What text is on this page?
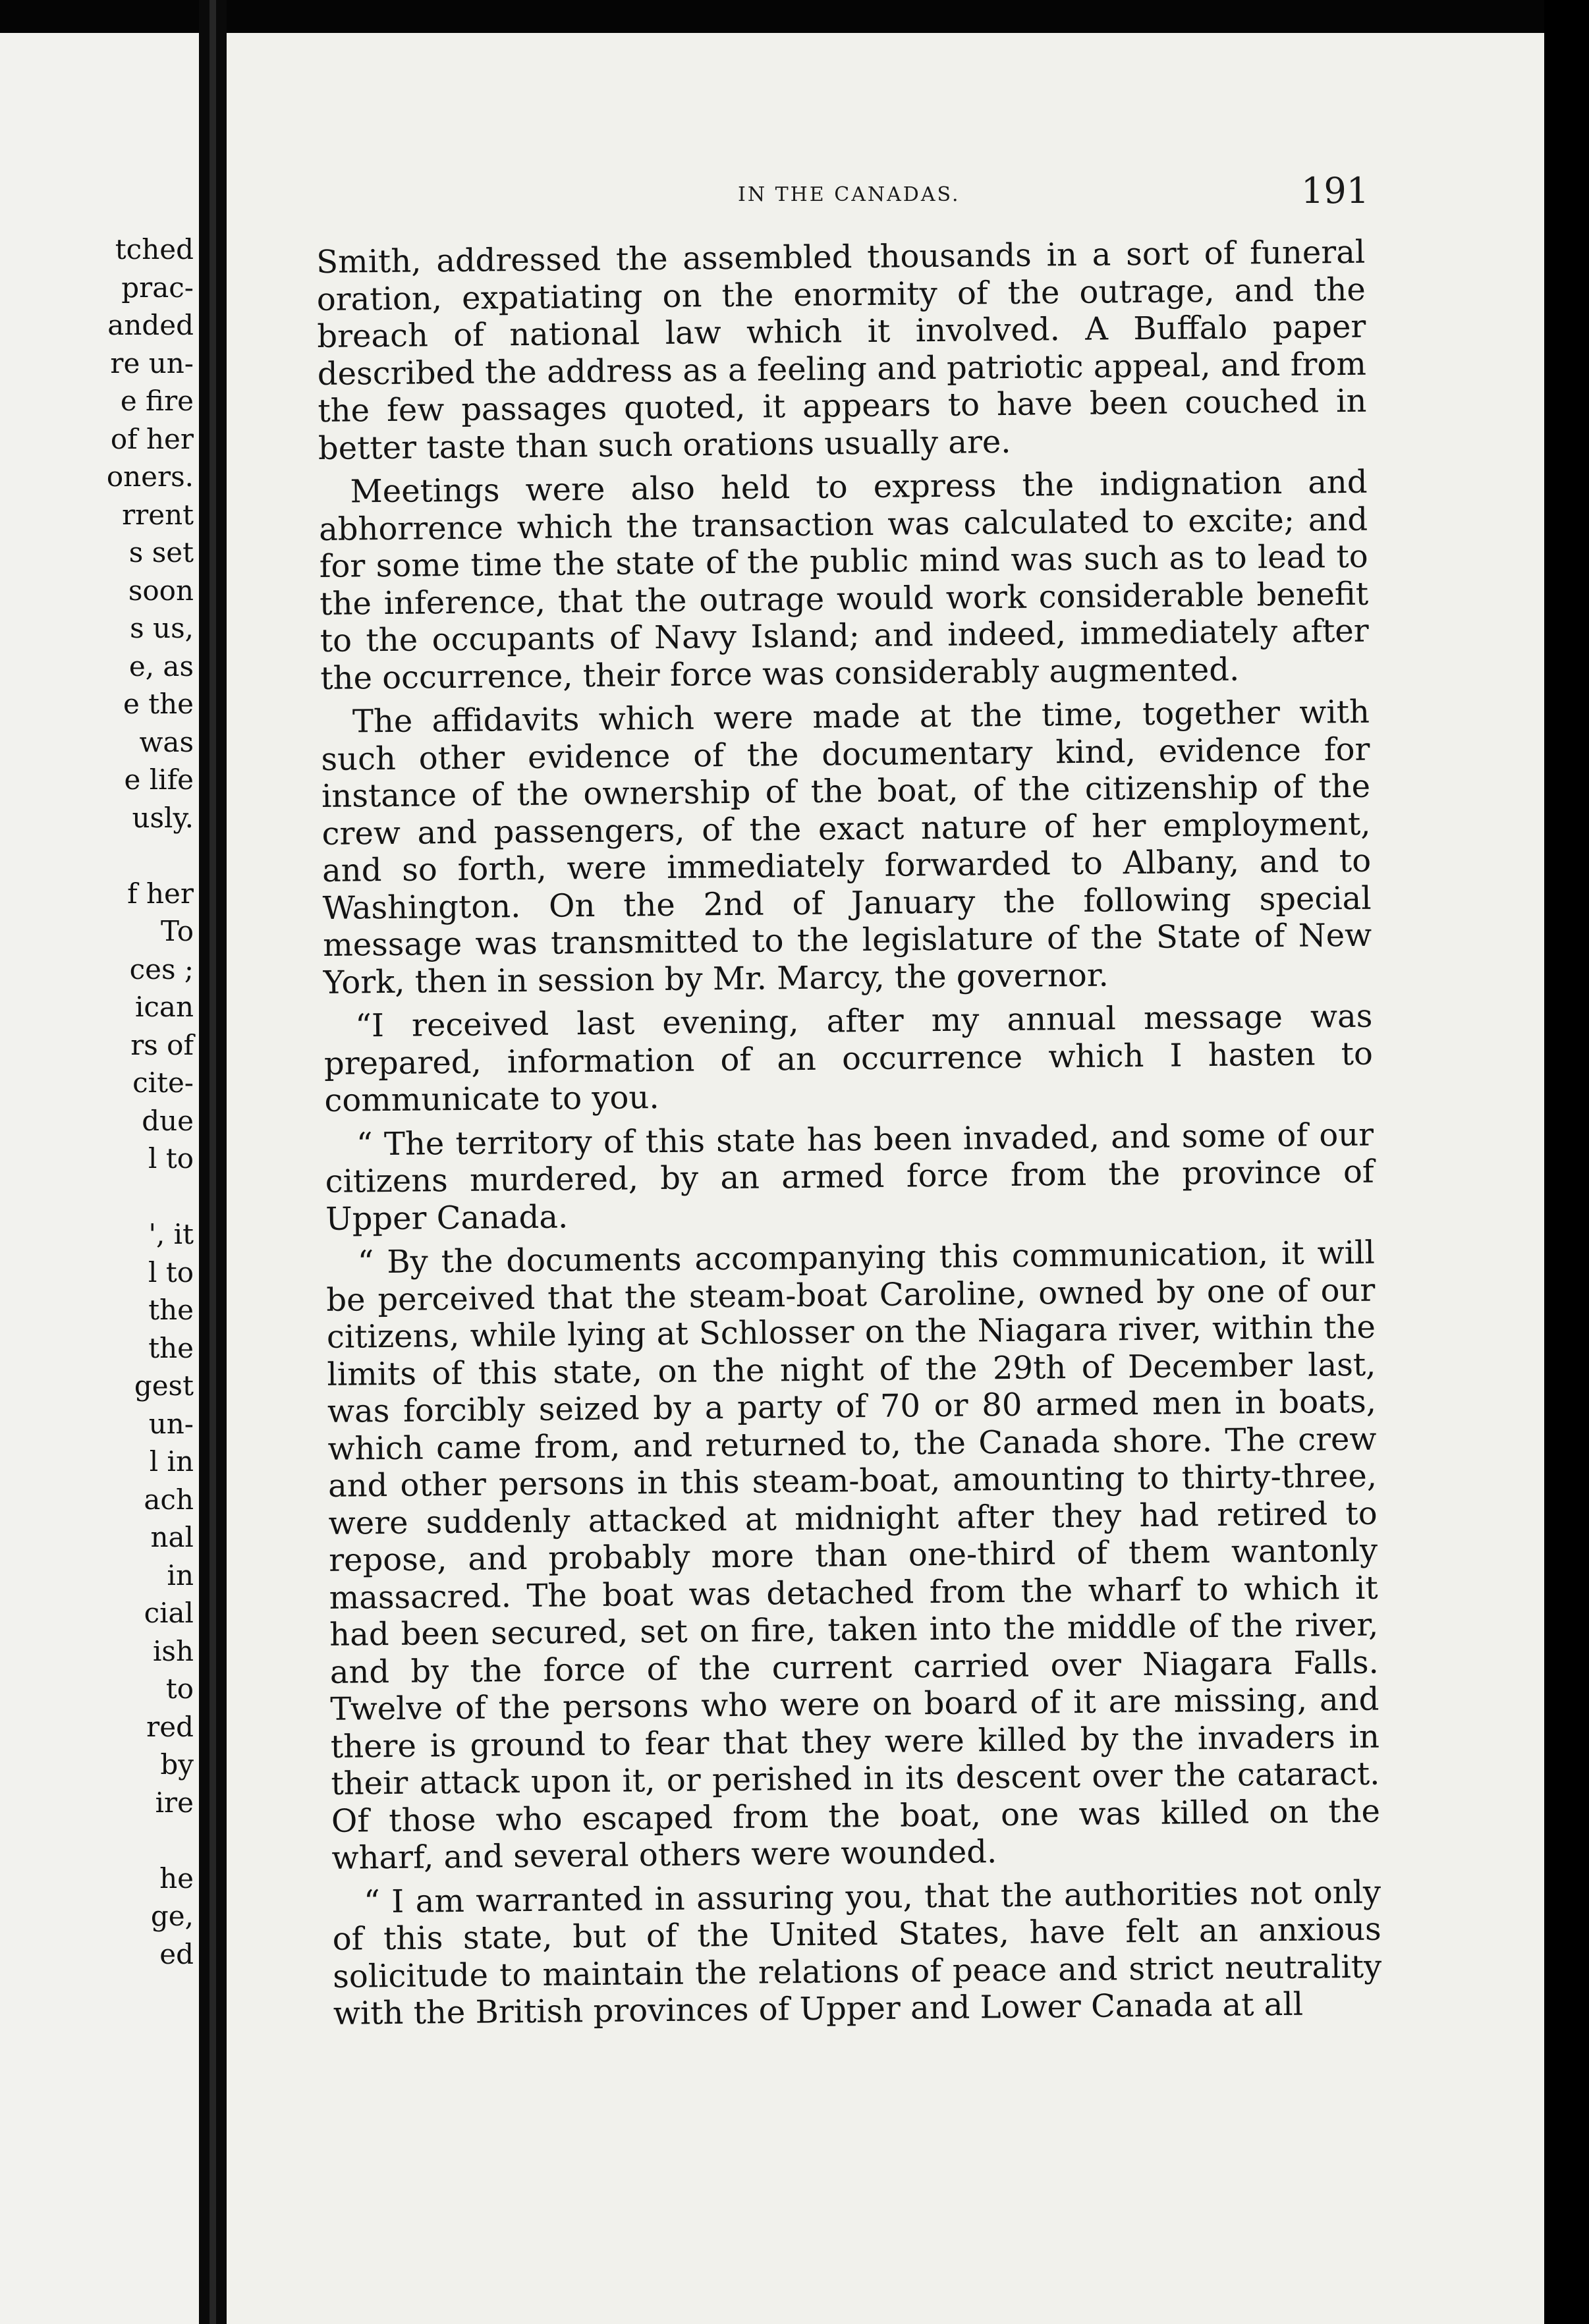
tched
prac-
anded
re un-
e fire
of her
oners.
rrent
s set
soon
s us,
e, as
e the
was
e life
usly.
f her
To
ces ;
ican
rs of
cite-
due
l to
', it
l to
the
the
gest
un-
l in
ach
nal
in
cial
ish
to
red
by
ire
he
ge,
ed
IN THE CANADAS.	191

Smith, addressed the assembled thousands in a sort of funeral oration, expatiating on the enormity of the outrage, and the breach of national law which it involved. A Buffalo paper described the address as a feeling and patriotic appeal, and from the few passages quoted, it appears to have been couched in better taste than such orations usually are.

Meetings were also held to express the indignation and abhorrence which the transaction was calculated to excite; and for some time the state of the public mind was such as to lead to the inference, that the outrage would work considerable benefit to the occupants of Navy Island; and indeed, immediately after the occurrence, their force was considerably augmented.

The affidavits which were made at the time, together with such other evidence of the documentary kind, evidence for instance of the ownership of the boat, of the citizenship of the crew and passengers, of the exact nature of her employment, and so forth, were immediately forwarded to Albany, and to Washington. On the 2nd of January the following special message was transmitted to the legislature of the State of New York, then in session by Mr. Marcy, the governor.

“I received last evening, after my annual message was prepared, information of an occurrence which I hasten to communicate to you.

“ The territory of this state has been invaded, and some of our citizens murdered, by an armed force from the province of Upper Canada.

“ By the documents accompanying this communication, it will be perceived that the steam-boat Caroline, owned by one of our citizens, while lying at Schlosser on the Niagara river, within the limits of this state, on the night of the 29th of December last, was forcibly seized by a party of 70 or 80 armed men in boats, which came from, and returned to, the Canada shore. The crew and other persons in this steam-boat, amounting to thirty-three, were suddenly attacked at midnight after they had retired to repose, and probably more than one-third of them wantonly massacred. The boat was detached from the wharf to which it had been secured, set on fire, taken into the middle of the river, and by the force of the current carried over Niagara Falls. Twelve of the persons who were on board of it are missing, and there is ground to fear that they were killed by the invaders in their attack upon it, or perished in its descent over the cataract. Of those who escaped from the boat, one was killed on the wharf, and several others were wounded.

“ I am warranted in assuring you, that the authorities not only of this state, but of the United States, have felt an anxious solicitude to maintain the relations of peace and strict neutrality with the British provinces of Upper and Lower Canada at all
